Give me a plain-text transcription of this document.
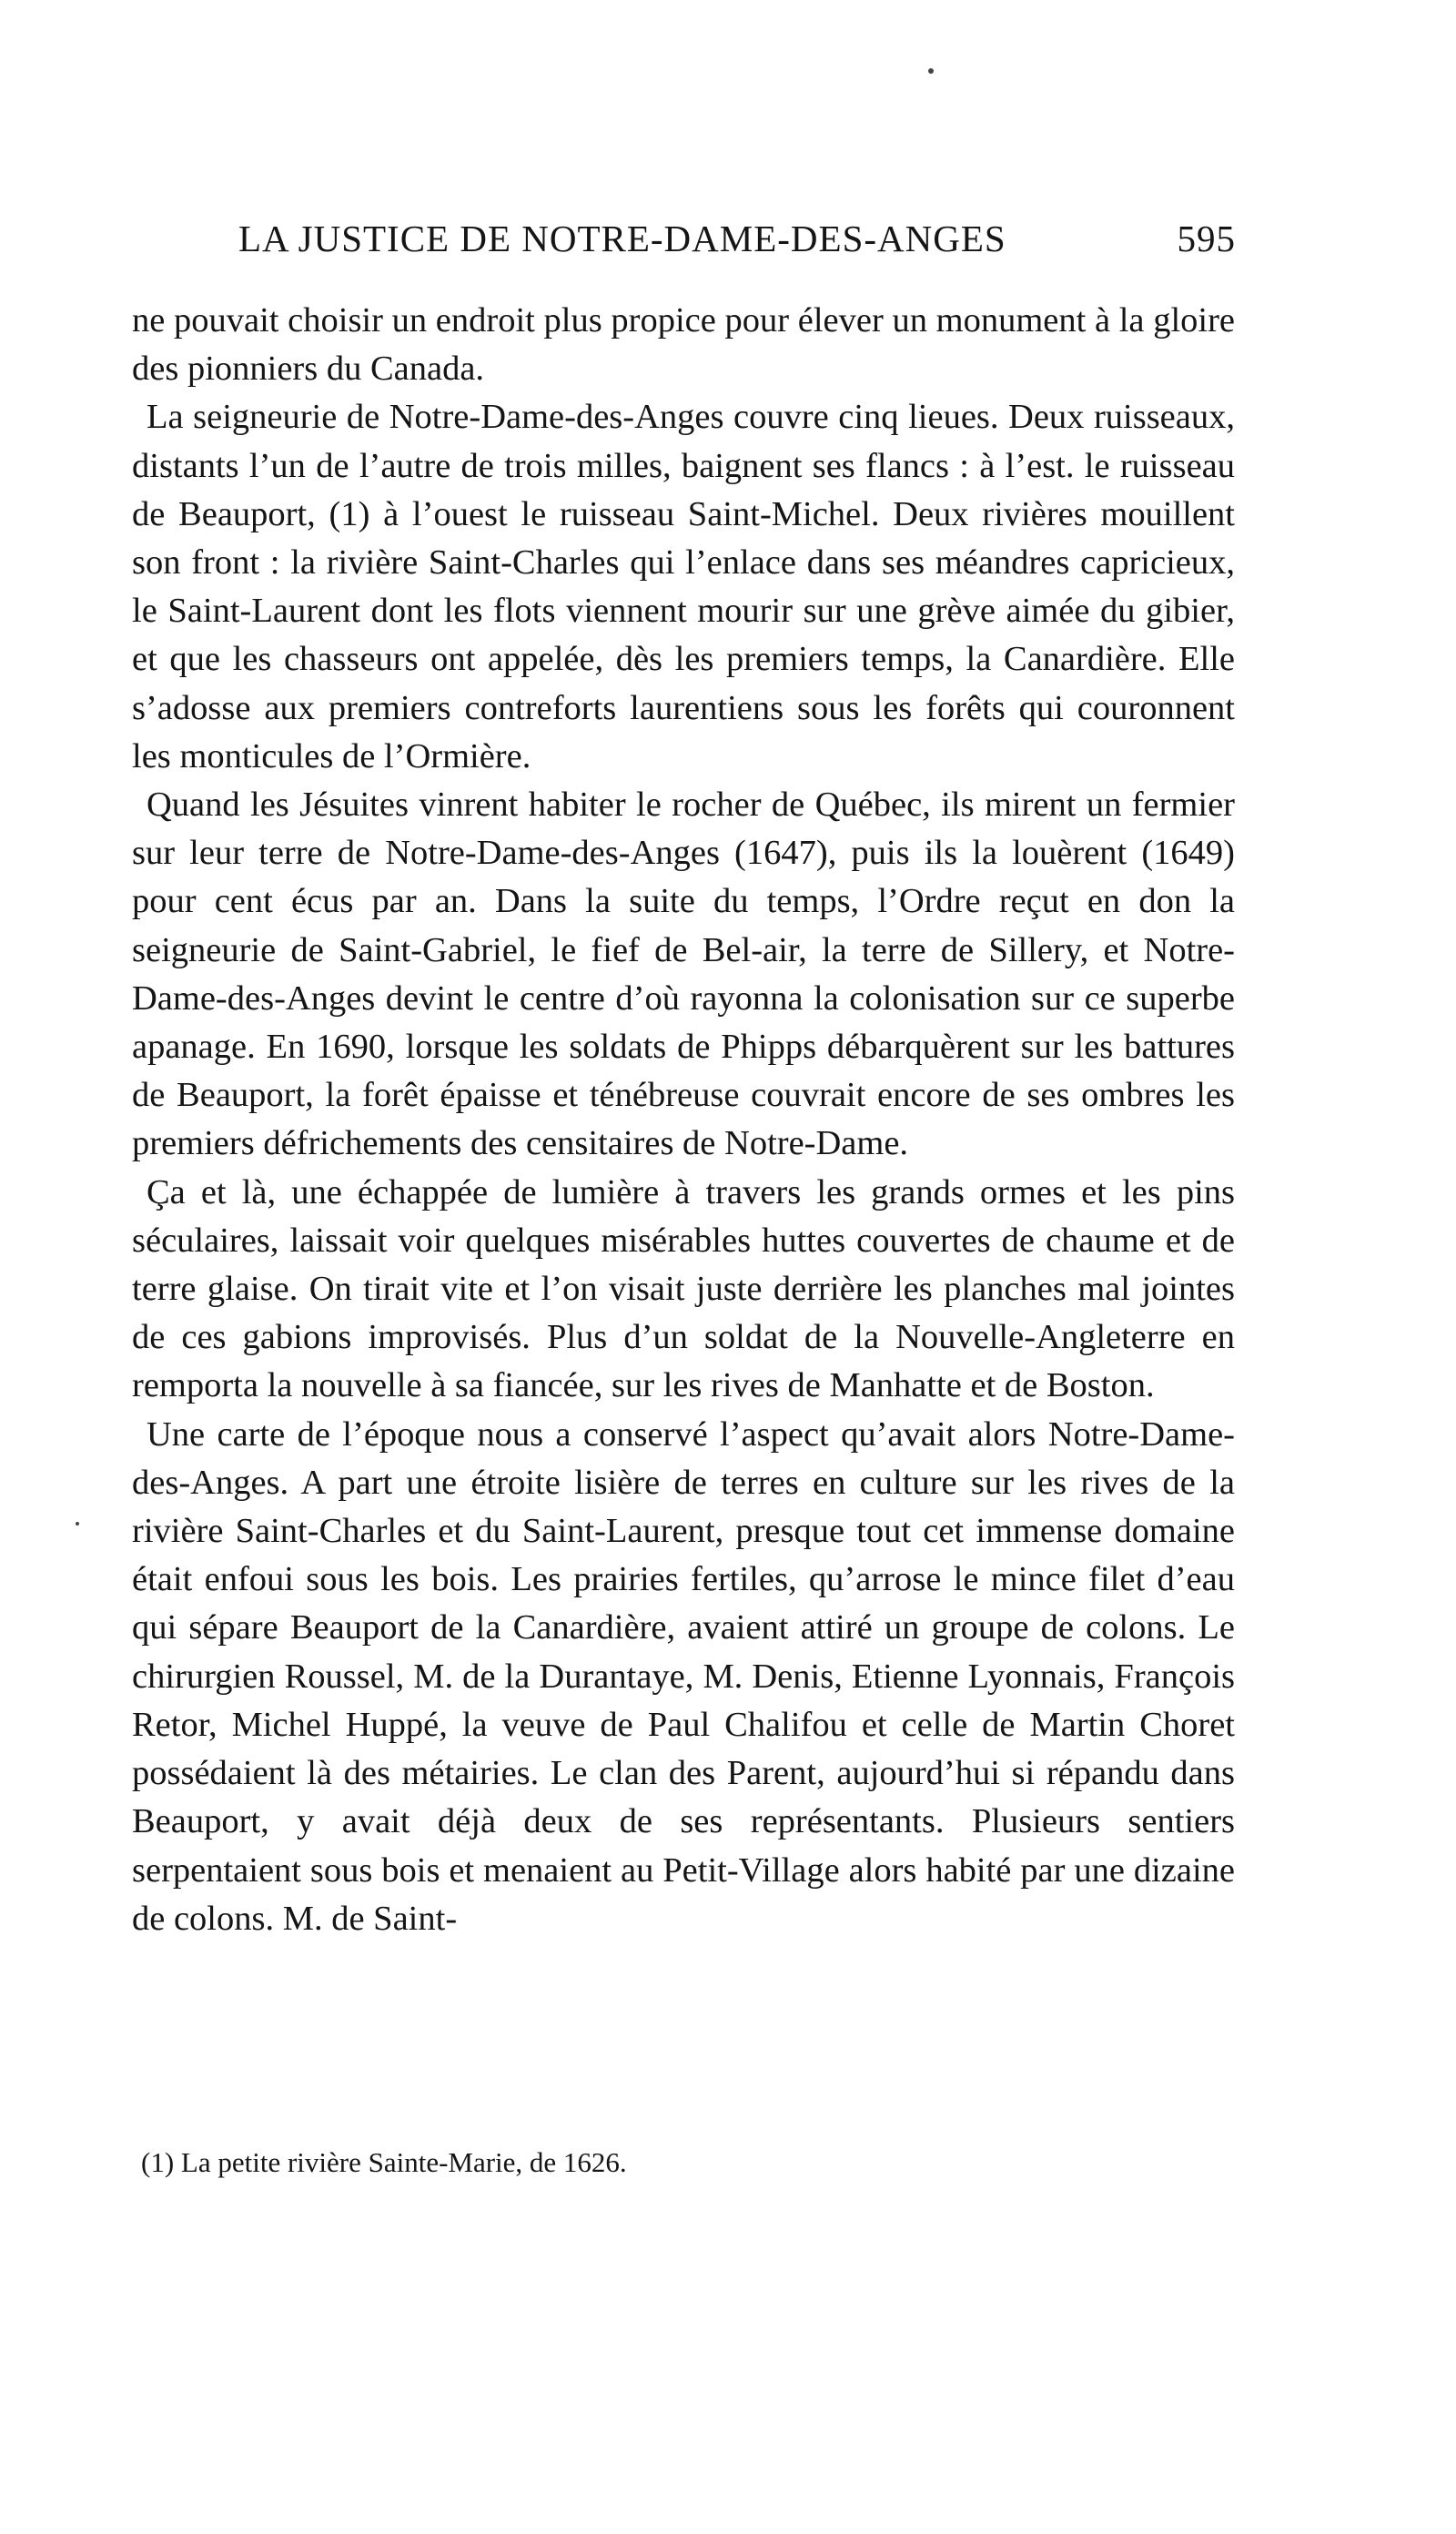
LA JUSTICE DE NOTRE-DAME-DES-ANGES	595

ne pouvait choisir un endroit plus propice pour élever un monument à la gloire des pionniers du Canada.

La seigneurie de Notre-Dame-des-Anges couvre cinq lieues. Deux ruisseaux, distants l’un de l’autre de trois milles, baignent ses flancs : à l’est. le ruisseau de Beauport, (1) à l’ouest le ruisseau Saint-Michel. Deux rivières mouillent son front : la rivière Saint-Charles qui l’enlace dans ses méandres capricieux, le Saint-Laurent dont les flots viennent mourir sur une grève aimée du gibier, et que les chasseurs ont appelée, dès les premiers temps, la Canardière. Elle s’adosse aux premiers contreforts laurentiens sous les forêts qui couronnent les monticules de l’Ormière.

Quand les Jésuites vinrent habiter le rocher de Québec, ils mirent un fermier sur leur terre de Notre-Dame-des-Anges (1647), puis ils la louèrent (1649) pour cent écus par an. Dans la suite du temps, l’Ordre reçut en don la seigneurie de Saint-Gabriel, le fief de Bel-air, la terre de Sillery, et Notre-Dame-des-Anges devint le centre d’où rayonna la colonisation sur ce superbe apanage. En 1690, lorsque les soldats de Phipps débarquèrent sur les battures de Beauport, la forêt épaisse et ténébreuse couvrait encore de ses ombres les premiers défrichements des censitaires de Notre-Dame.

Ça et là, une échappée de lumière à travers les grands ormes et les pins séculaires, laissait voir quelques misérables huttes couvertes de chaume et de terre glaise. On tirait vite et l’on visait juste derrière les planches mal jointes de ces gabions improvisés. Plus d’un soldat de la Nouvelle-Angleterre en remporta la nouvelle à sa fiancée, sur les rives de Manhatte et de Boston.

Une carte de l’époque nous a conservé l’aspect qu’avait alors Notre-Dame-des-Anges. A part une étroite lisière de terres en culture sur les rives de la rivière Saint-Charles et du Saint-Laurent, presque tout cet immense domaine était enfoui sous les bois. Les prairies fertiles, qu’arrose le mince filet d’eau qui sépare Beauport de la Canardière, avaient attiré un groupe de colons. Le chirurgien Roussel, M. de la Durantaye, M. Denis, Etienne Lyonnais, François Retor, Michel Huppé, la veuve de Paul Chalifou et celle de Martin Choret possédaient là des métairies. Le clan des Parent, aujourd’hui si répandu dans Beauport, y avait déjà deux de ses représentants. Plusieurs sentiers serpentaient sous bois et menaient au Petit-Village alors habité par une dizaine de colons. M. de Saint-

(1) La petite rivière Sainte-Marie, de 1626.
